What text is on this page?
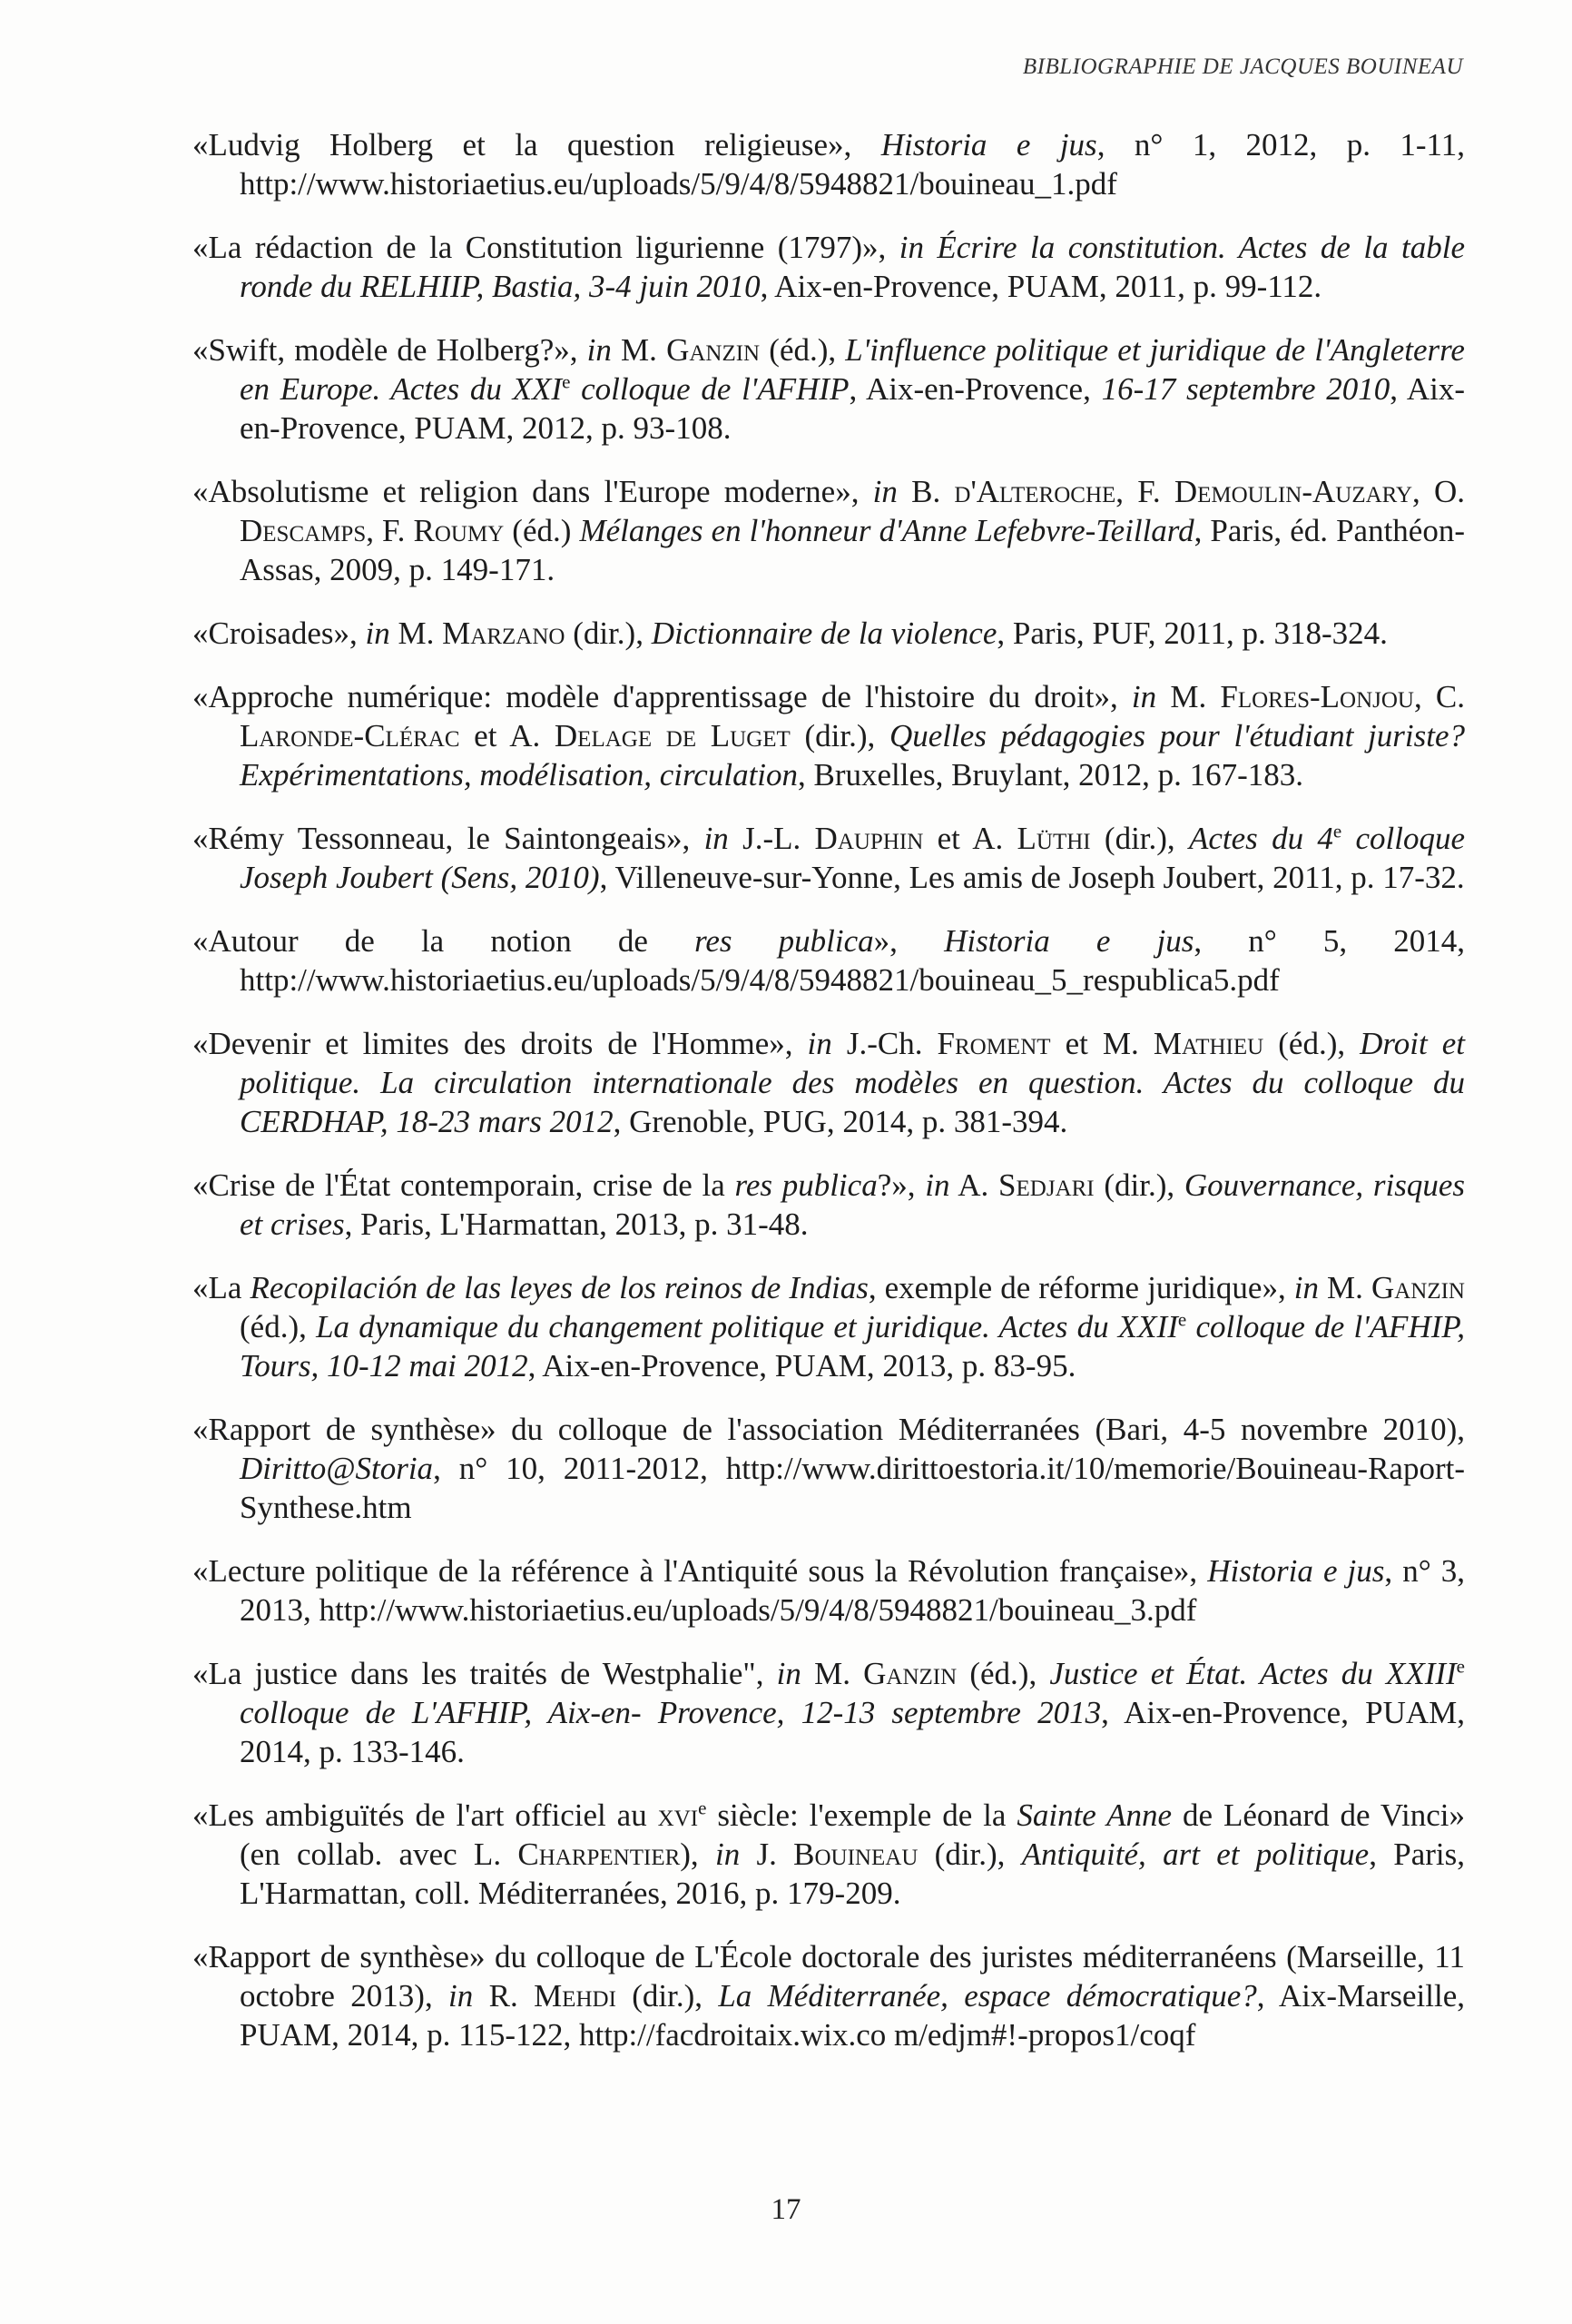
BIBLIOGRAPHIE DE JACQUES BOUINEAU

«Ludvig Holberg et la question religieuse», Historia e jus, n° 1, 2012, p. 1-11, http://www.historiaetius.eu/uploads/5/9/4/8/5948821/bouineau_1.pdf

«La rédaction de la Constitution ligurienne (1797)», in Écrire la constitution. Actes de la table ronde du RELHIIP, Bastia, 3-4 juin 2010, Aix-en-Provence, PUAM, 2011, p. 99-112.

«Swift, modèle de Holberg?», in M. Ganzin (éd.), L'influence politique et juridique de l'Angleterre en Europe. Actes du XXIe colloque de l'AFHIP, Aix-en-Provence, 16-17 septembre 2010, Aix-en-Provence, PUAM, 2012, p. 93-108.

«Absolutisme et religion dans l'Europe moderne», in B. d'Alteroche, F. Demoulin-Auzary, O. Descamps, F. Roumy (éd.) Mélanges en l'honneur d'Anne Lefebvre-Teillard, Paris, éd. Panthéon-Assas, 2009, p. 149-171.

«Croisades», in M. Marzano (dir.), Dictionnaire de la violence, Paris, PUF, 2011, p. 318-324.

«Approche numérique: modèle d'apprentissage de l'histoire du droit», in M. Flores-Lonjou, C. Laronde-Clérac et A. Delage de Luget (dir.), Quelles pédagogies pour l'étudiant juriste? Expérimentations, modélisation, circulation, Bruxelles, Bruylant, 2012, p. 167-183.

«Rémy Tessonneau, le Saintongeais», in J.-L. Dauphin et A. Lüthi (dir.), Actes du 4e colloque Joseph Joubert (Sens, 2010), Villeneuve-sur-Yonne, Les amis de Joseph Joubert, 2011, p. 17-32.

«Autour de la notion de res publica», Historia e jus, n° 5, 2014, http://www.historiaetius.eu/uploads/5/9/4/8/5948821/bouineau_5_respublica5.pdf

«Devenir et limites des droits de l'Homme», in J.-Ch. Froment et M. Mathieu (éd.), Droit et politique. La circulation internationale des modèles en question. Actes du colloque du CERDHAP, 18-23 mars 2012, Grenoble, PUG, 2014, p. 381-394.

«Crise de l'État contemporain, crise de la res publica?», in A. Sedjari (dir.), Gouvernance, risques et crises, Paris, L'Harmattan, 2013, p. 31-48.

«La Recopilación de las leyes de los reinos de Indias, exemple de réforme juridique», in M. Ganzin (éd.), La dynamique du changement politique et juridique. Actes du XXIIe colloque de l'AFHIP, Tours, 10-12 mai 2012, Aix-en-Provence, PUAM, 2013, p. 83-95.

«Rapport de synthèse» du colloque de l'association Méditerranées (Bari, 4-5 novembre 2010), Diritto@Storia, n° 10, 2011-2012, http://www.dirittoestoria.it/10/memorie/Bouineau-Raport-Synthese.htm

«Lecture politique de la référence à l'Antiquité sous la Révolution française», Historia e jus, n° 3, 2013, http://www.historiaetius.eu/uploads/5/9/4/8/5948821/bouineau_3.pdf

«La justice dans les traités de Westphalie", in M. Ganzin (éd.), Justice et État. Actes du XXIIIe colloque de L'AFHIP, Aix-en- Provence, 12-13 septembre 2013, Aix-en-Provence, PUAM, 2014, p. 133-146.

«Les ambiguïtés de l'art officiel au xvi$^e$ siècle: l'exemple de la Sainte Anne de Léonard de Vinci» (en collab. avec L. Charpentier), in J. Bouineau (dir.), Antiquité, art et politique, Paris, L'Harmattan, coll. Méditerranées, 2016, p. 179-209.

«Rapport de synthèse» du colloque de L'École doctorale des juristes méditerranéens (Marseille, 11 octobre 2013), in R. Mehdi (dir.), La Méditerranée, espace démocratique?, Aix-Marseille, PUAM, 2014, p. 115-122, http://facdroitaix.wix.co m/edjm#!-propos1/coqf

17
